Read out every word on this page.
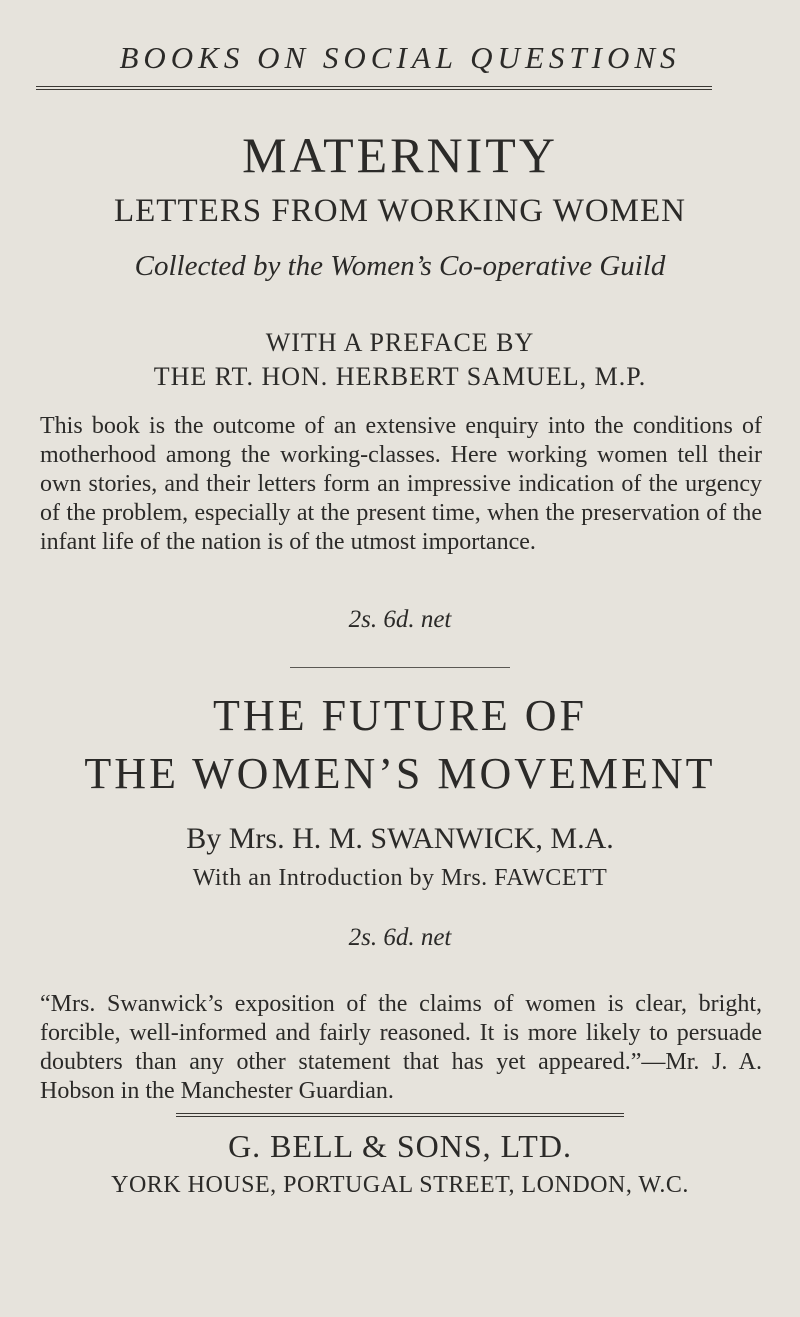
BOOKS ON SOCIAL QUESTIONS
MATERNITY
LETTERS FROM WORKING WOMEN
Collected by the Women’s Co-operative Guild
WITH A PREFACE BY
THE RT. HON. HERBERT SAMUEL, M.P.
This book is the outcome of an extensive enquiry into the conditions of motherhood among the working-classes. Here working women tell their own stories, and their letters form an impressive indication of the urgency of the problem, especially at the present time, when the preservation of the infant life of the nation is of the utmost importance.
2s. 6d. net
THE FUTURE OF
THE WOMEN’S MOVEMENT
By Mrs. H. M. SWANWICK, M.A.
With an Introduction by Mrs. FAWCETT
2s. 6d. net
“Mrs. Swanwick’s exposition of the claims of women is clear, bright, forcible, well-informed and fairly reasoned. It is more likely to persuade doubters than any other statement that has yet appeared.”—Mr. J. A. Hobson in the Manchester Guardian.
G. BELL & SONS, LTD.
YORK HOUSE, PORTUGAL STREET, LONDON, W.C.
